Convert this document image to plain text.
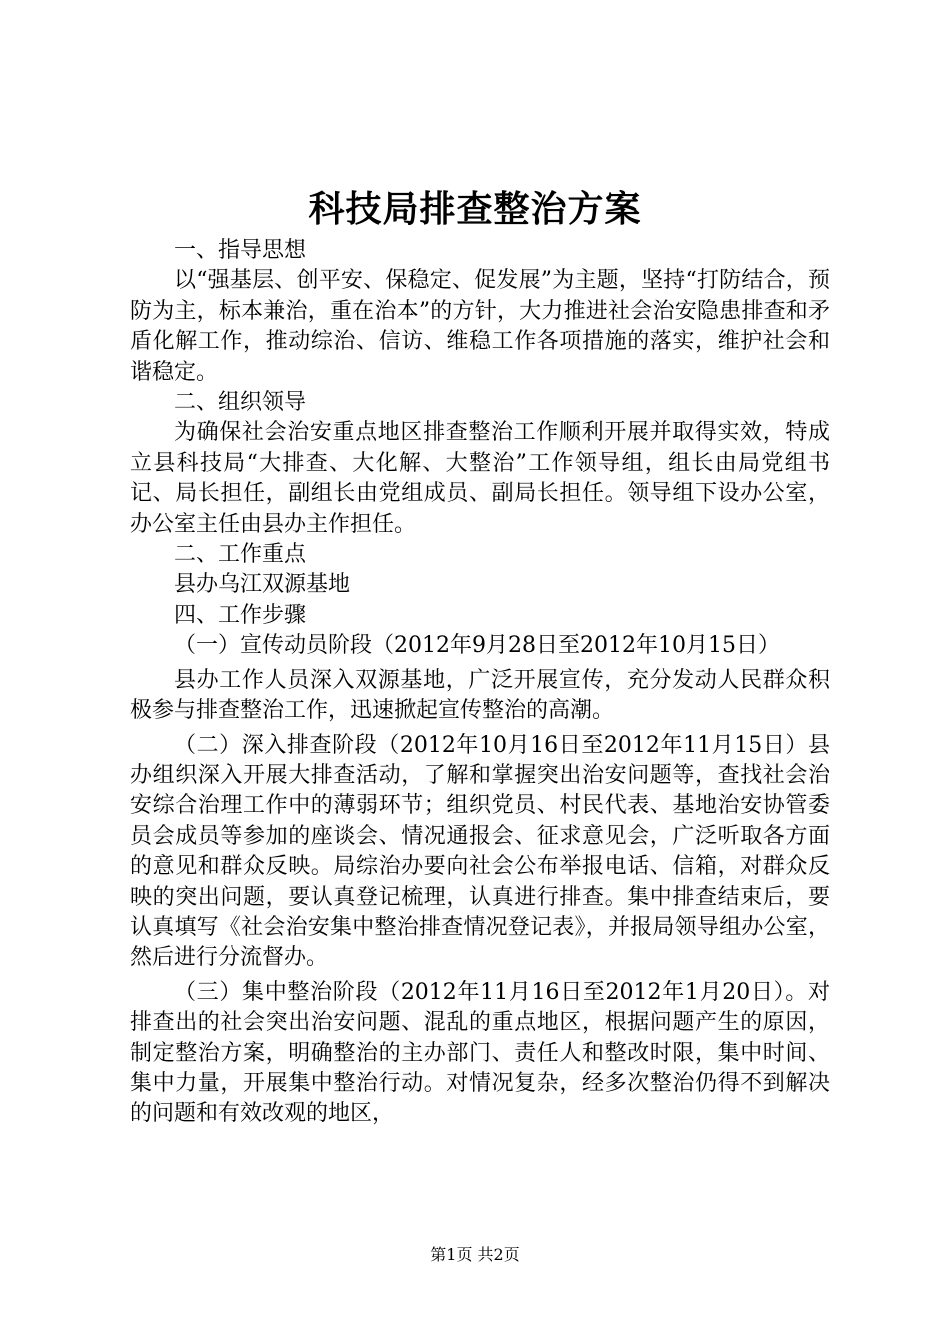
科技局排查整治方案

一、指导思想

以“强基层、创平安、保稳定、促发展”为主题，坚持“打防结合，预防为主，标本兼治，重在治本”的方针，大力推进社会治安隐患排查和矛盾化解工作，推动综治、信访、维稳工作各项措施的落实，维护社会和谐稳定。

二、组织领导

为确保社会治安重点地区排查整治工作顺利开展并取得实效，特成立县科技局“大排查、大化解、大整治”工作领导组，组长由局党组书记、局长担任，副组长由党组成员、副局长担任。领导组下设办公室，办公室主任由县办主作担任。

二、工作重点

县办乌江双源基地

四、工作步骤

（一）宣传动员阶段（2012年9月28日至2012年10月15日）

县办工作人员深入双源基地，广泛开展宣传，充分发动人民群众积极参与排查整治工作，迅速掀起宣传整治的高潮。

（二）深入排查阶段（2012年10月16日至2012年11月15日）县办组织深入开展大排查活动，了解和掌握突出治安问题等，查找社会治安综合治理工作中的薄弱环节；组织党员、村民代表、基地治安协管委员会成员等参加的座谈会、情况通报会、征求意见会，广泛听取各方面的意见和群众反映。局综治办要向社会公布举报电话、信箱，对群众反映的突出问题，要认真登记梳理，认真进行排查。集中排查结束后，要认真填写《社会治安集中整治排查情况登记表》，并报局领导组办公室，然后进行分流督办。

（三）集中整治阶段（2012年11月16日至2012年1月20日）。对排查出的社会突出治安问题、混乱的重点地区，根据问题产生的原因，制定整治方案，明确整治的主办部门、责任人和整改时限，集中时间、集中力量，开展集中整治行动。对情况复杂，经多次整治仍得不到解决的问题和有效改观的地区，

第1页 共2页
